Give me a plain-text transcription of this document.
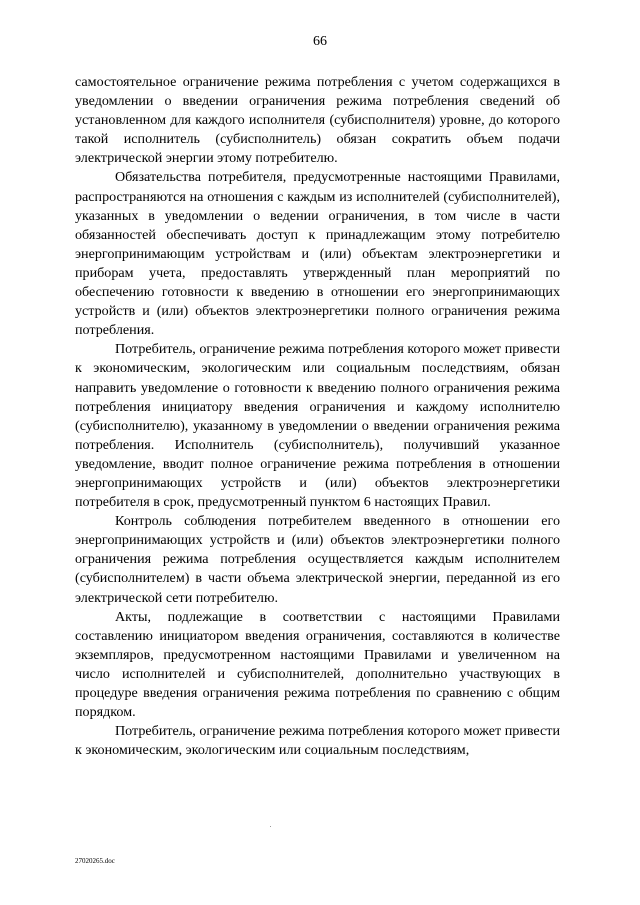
66

самостоятельное ограничение режима потребления с учетом содержащихся в уведомлении о введении ограничения режима потребления сведений об установленном для каждого исполнителя (субисполнителя) уровне, до которого такой исполнитель (субисполнитель) обязан сократить объем подачи электрической энергии этому потребителю.

Обязательства потребителя, предусмотренные настоящими Правилами, распространяются на отношения с каждым из исполнителей (субисполнителей), указанных в уведомлении о ведении ограничения, в том числе в части обязанностей обеспечивать доступ к принадлежащим этому потребителю энергопринимающим устройствам и (или) объектам электроэнергетики и приборам учета, предоставлять утвержденный план мероприятий по обеспечению готовности к введению в отношении его энергопринимающих устройств и (или) объектов электроэнергетики полного ограничения режима потребления.

Потребитель, ограничение режима потребления которого может привести к экономическим, экологическим или социальным последствиям, обязан направить уведомление о готовности к введению полного ограничения режима потребления инициатору введения ограничения и каждому исполнителю (субисполнителю), указанному в уведомлении о введении ограничения режима потребления. Исполнитель (субисполнитель), получивший указанное уведомление, вводит полное ограничение режима потребления в отношении энергопринимающих устройств и (или) объектов электроэнергетики потребителя в срок, предусмотренный пунктом 6 настоящих Правил.

Контроль соблюдения потребителем введенного в отношении его энергопринимающих устройств и (или) объектов электроэнергетики полного ограничения режима потребления осуществляется каждым исполнителем (субисполнителем) в части объема электрической энергии, переданной из его электрической сети потребителю.

Акты, подлежащие в соответствии с настоящими Правилами составлению инициатором введения ограничения, составляются в количестве экземпляров, предусмотренном настоящими Правилами и увеличенном на число исполнителей и субисполнителей, дополнительно участвующих в процедуре введения ограничения режима потребления по сравнению с общим порядком.

Потребитель, ограничение режима потребления которого может привести к экономическим, экологическим или социальным последствиям,

27020265.doc
